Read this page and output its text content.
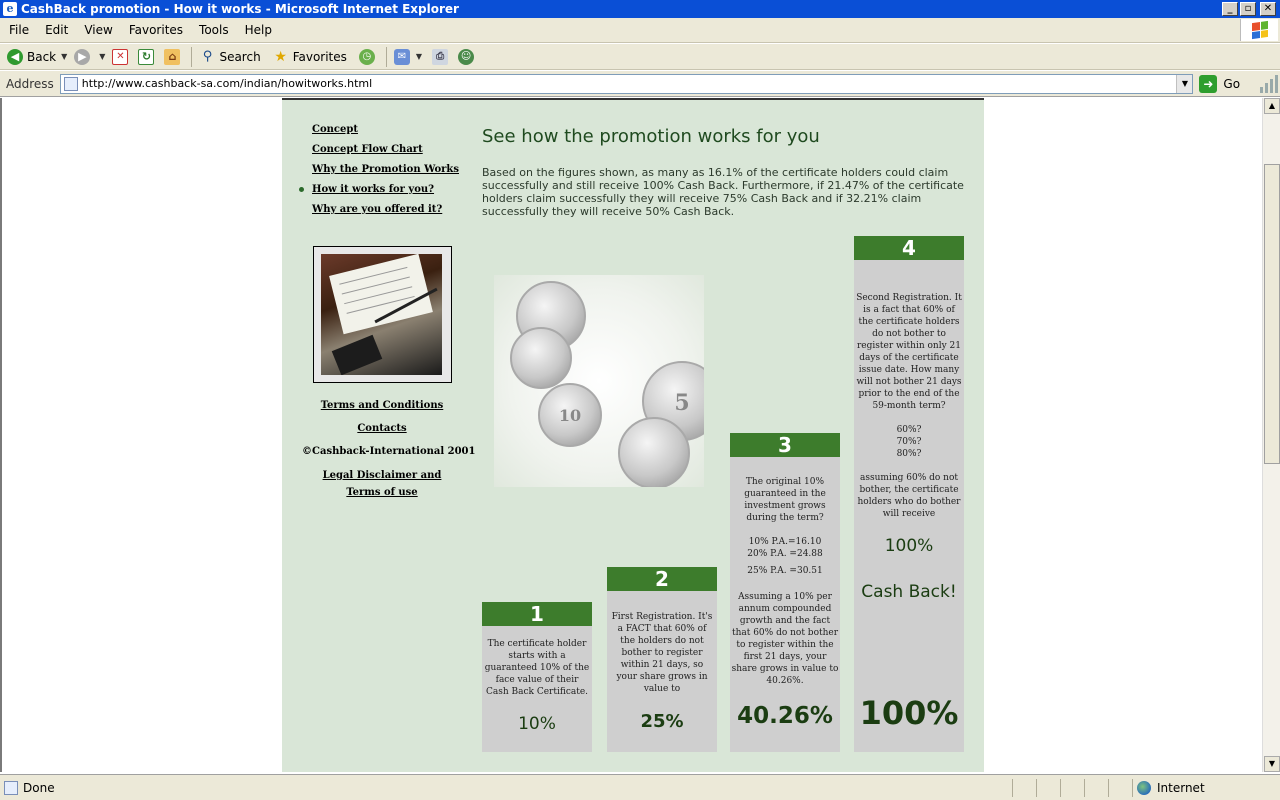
e CashBack promotion - How it works - Microsoft Internet Explorer	_	▫	✕
File	Edit	View	Favorites	Tools	Help
◀ Back ▼ ▶	▼	✕	↻	⌂	⚲ Search ★ Favorites	◷	✉	▼	⎙	☺
Address	http://www.cashback-sa.com/indian/howitworks.html	▼	➜ Go
Concept
Concept Flow Chart
Why the Promotion Works
How it works for you?
Why are you offered it?
Terms and Conditions
Contacts
©Cashback-International 2001
Legal Disclaimer and
Terms of use
See how the promotion works for you
Based on the figures shown, as many as 16.1% of the certificate holders could claim successfully and still receive 100% Cash Back. Furthermore, if 21.47% of the certificate holders claim successfully they will receive 75% Cash Back and if 32.21% claim successfully they will receive 50% Cash Back.
10	5
1
The certificate holder starts with a guaranteed 10% of the face value of their Cash Back Certificate.
10%
2
First Registration. It's a FACT that 60% of the holders do not bother to register within 21 days, so your share grows in value to
25%
3
The original 10% guaranteed in the investment grows during the term?
10% P.A.=16.10
20% P.A. =24.88
25% P.A. =30.51
Assuming a 10% per annum compounded growth and the fact that 60% do not bother to register within the first 21 days, your share grows in value to 40.26%.
40.26%
4
Second Registration. It is a fact that 60% of the certificate holders do not bother to register within only 21 days of the certificate issue date. How many will not bother 21 days prior to the end of the 59-month term?
60%?
70%?
80%?
assuming 60% do not bother, the certificate holders who do bother will receive
100%
Cash Back!
100%
▲
▼
Done	Internet
